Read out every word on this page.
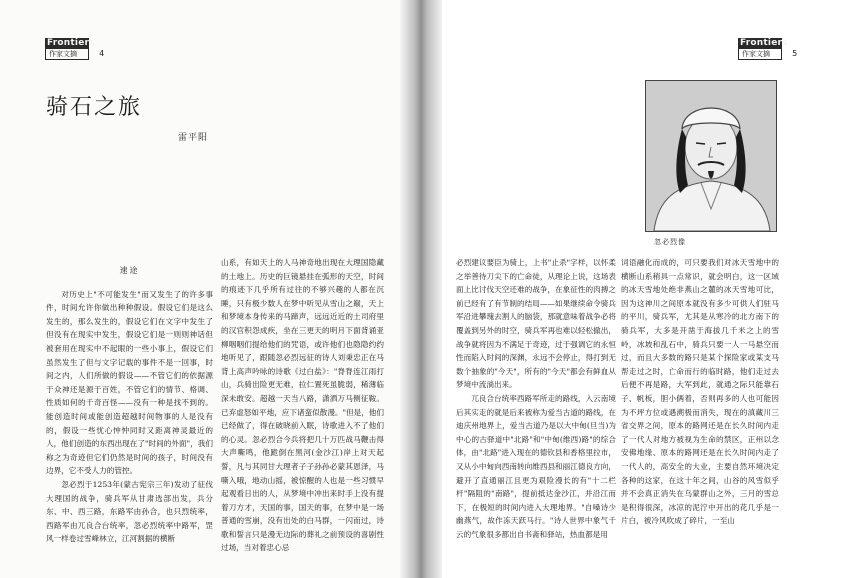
Frontiers
作家文摘	4
骑石之旅
雷平阳
速途

对历史上"不可能发生"而又发生了的许多事件，时间允许你做出种种假设。假设它们是这么发生的，那么发生的，假设它们在文字中发生了但没有在现实中发生，假设它们是一则则神话但被套用在现实中不起眼的一些小事上，假设它们虽然发生了但与文字记载的事件不是一回事，时间之内，人们所做的假设——不管它们的依据源于众神还是源于百姓，不管它们的情节、格调、性质如何的千奇百怪——没有一种是找不到的。能创造时间或能创造超越时间物事的人是没有的，假设一些忧心忡忡同时又距离神灵最近的人，他们创造的东西出现在了"时间的外面"，我们称之为奇迹但它们仍然是时间的孩子，时间没有边界，它不受人力的管控。

忽必烈于1253年(蒙古宪宗三年)发动了征伐大理国的战争，骑兵军从甘肃选部出发，兵分东、中、西三路，东路军由孙合，也只烈统率，西路军由兀良合台统率，忽必烈统率中路军，罡风一样卷过雪峰林立，江河割据的横断

山系，有如天上的人马神奇地出现在大理国隐藏的土地上。历史的巨镜悬挂在弧形的天空，时间的痕迹下几乎所有过往的不够兴趣的人都在沉睡，只有极少数人在梦中听见从雪山之巅，天上和梦境本身传来的马蹄声，远远近近的土司府里的汉官积怨成疾，坐在三更天的明月下面背诵亚柳咽咽们提给他们的咒语，或许他们也隐隐约约地听见了，跟随忽必烈远征的诗人刘秉忠正在马背上高声吟咏的诗歌《过白盐》："脊脊连江雨打山，兵骑出险更无难，拉仁置死虽脆弱，稀薄临深未敢安。超越一天当八路，潇洒万马侧征鞍。已弃虚怒如平地，应下诸蛮似散漫。"但是，他们已经做了，得在破晓前入眠，诗歌进入不了他们的心灵。忽必烈合今兵将把几十万匹战马鞭击得大声嘶鸣，他跪倒在黑河(金沙江)岸上对天起誓，凡与其同甘大理者子子孙孙必蒙其恩泽，马嘶入哦，地动山摇，被惊醒的人也是一些习惯早起观看日出的人，从梦境中冲出来时手上没有提着刀方才，天国的事，国天的事，在梦中是一场普通的雪崩，没有出处的白马群，一闪而过，诗歌和誓言只是漫无边际的葬礼之前预设的喜剧性过场，当对着忠心忌

Frontiers
作家文摘	5
忽必烈像

必烈建议要臣为骑上，上书"止杀"字样，以怀柔之举善待刀尖下的亡命徒，从理论上说，这场表面上比讨伐天空还难的战争，在象征性的肉搏之前已经有了有节制的结局——如果继续命令骑兵军沿进攀瑰去割人的脑袋，那就意味着战争必将覆盖到另外的时空，骑兵军再也难以轻松撤出，战争就将因为不满足于奇迹，过于强调它的永恒性而陷入时间的深渊，永远不会停止，得打到无数个抽象的"今天"，所有的"今天"都会有鲜血从梦境中流淌出来。

兀良合台统率西路军所走的路线，入云南境后其实走的就是后来被称为爱当古道的路线，在迪庆州地界上，爱当古道乃是以大中甸(旦当)为中心的古驿道中"北路"和"中甸(维西)路"的综合体，由"北路"进入现在的德钦县和香格里拉市，又从小中甸向西南转向维西县和丽江德良方向，避开了直通丽江且更为艰险漫长的有"十二栏杆"隔阻的"南路"，提前抵达金沙江，并沿江而下，在极短的时间内进入大理地界。"自嗓诗少幽燕气，故作冻天跃马行。"诗人世界中象气千云的气象很多都出自书斋和驿站，热血都是用

词语融化而成的，可只要我们对冰天雪地中的横断山系稍具一点常识，就会明白，这一区域的冰天雪地处绝非燕山之麓的冰天雪地可比，因为这神川之间原本就没有多少可供人们驻马的平川，骑兵军，尤其是从寒冷的北方南下的骑兵军，大多是开凿于海拔几千米之上的雪岭，冰坡和乱石中，骑兵只要一人一马悬空而过，而且大多数的路只是某个探险家或某支马帮走过之时，亡命而行的临时路，他们走过去后便不再是路，大军到此，就通之际只能靠石子、帆板，胆小俩着，否则再多的人也可能因为不坪方位或遇溯极而消失，现在的滇藏川三省交界之间，原本的路网还是在长久时间内走了一代人对地方被视为生命的禁区，正州以念安佛地缘、原本的路网还是在长久时间内走了一代人的，高安全的大业，主要自然环境决定各种的这家，在这十年之间，山谷的风雪似乎并不会真正消失在乌蒙群山之外，三月的雪总是积得很深，冰凉的泥泞中开出的花几乎是一片白，被冷风吹成了碎片，一至山
